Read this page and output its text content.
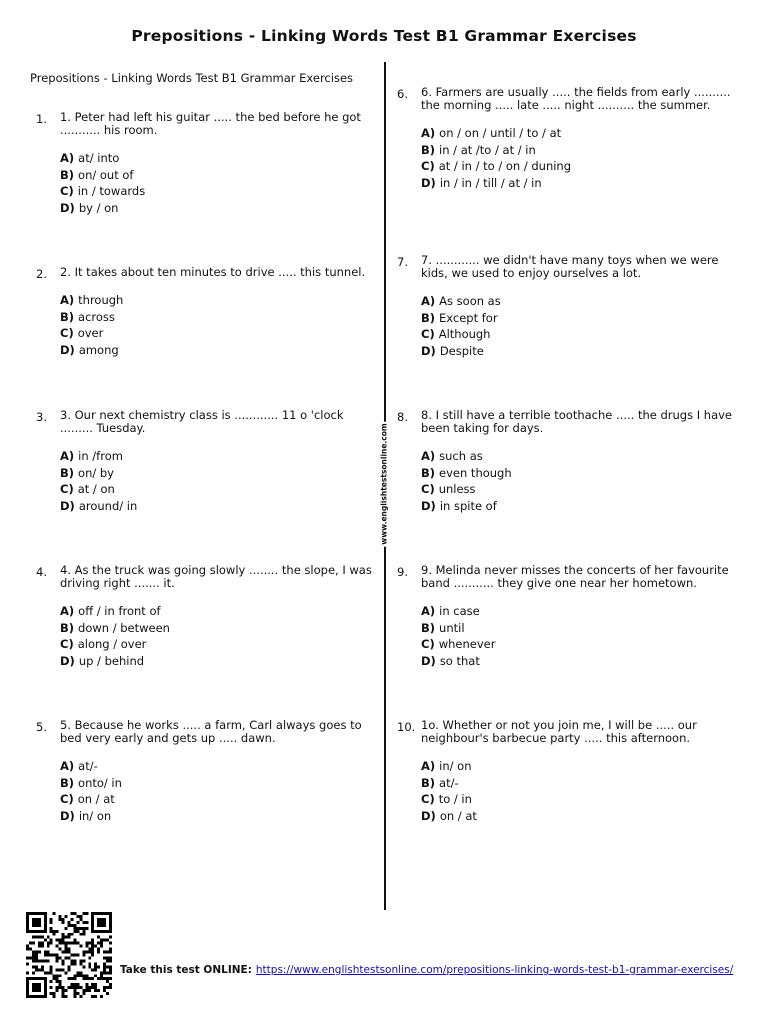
Prepositions - Linking Words Test B1 Grammar Exercises
Prepositions - Linking Words Test B1 Grammar Exercises
www.englishtestsonline.com
1. 1. Peter had left his guitar ..... the bed before he got ........... his room.
A) at/ into
B) on/ out of
C) in / towards
D) by / on
2. 2. It takes about ten minutes to drive ..... this tunnel.
A) through
B) across
C) over
D) among
3. 3. Our next chemistry class is ............ 11 o 'clock ......... Tuesday.
A) in /from
B) on/ by
C) at / on
D) around/ in
4. 4. As the truck was going slowly ........ the slope, I was driving right ....... it.
A) off / in front of
B) down / between
C) along / over
D) up / behind
5. 5. Because he works ..... a farm, Carl always goes to bed very early and gets up ..... dawn.
A) at/-
B) onto/ in
C) on / at
D) in/ on
6. 6. Farmers are usually ..... the fields from early .......... the morning ..... late ..... night .......... the summer.
A) on / on / until / to / at
B) in / at /to / at / in
C) at / in / to / on / duning
D) in / in / till / at / in
7. 7. ............ we didn't have many toys when we were kids, we used to enjoy ourselves a lot.
A) As soon as
B) Except for
C) Although
D) Despite
8. 8. I still have a terrible toothache ..... the drugs I have been taking for days.
A) such as
B) even though
C) unless
D) in spite of
9. 9. Melinda never misses the concerts of her favourite band ........... they give one near her hometown.
A) in case
B) until
C) whenever
D) so that
10. 1o. Whether or not you join me, I will be ..... our neighbour's barbecue party ..... this afternoon.
A) in/ on
B) at/-
C) to / in
D) on / at
Take this test ONLINE: https://www.englishtestsonline.com/prepositions-linking-words-test-b1-grammar-exercises/
